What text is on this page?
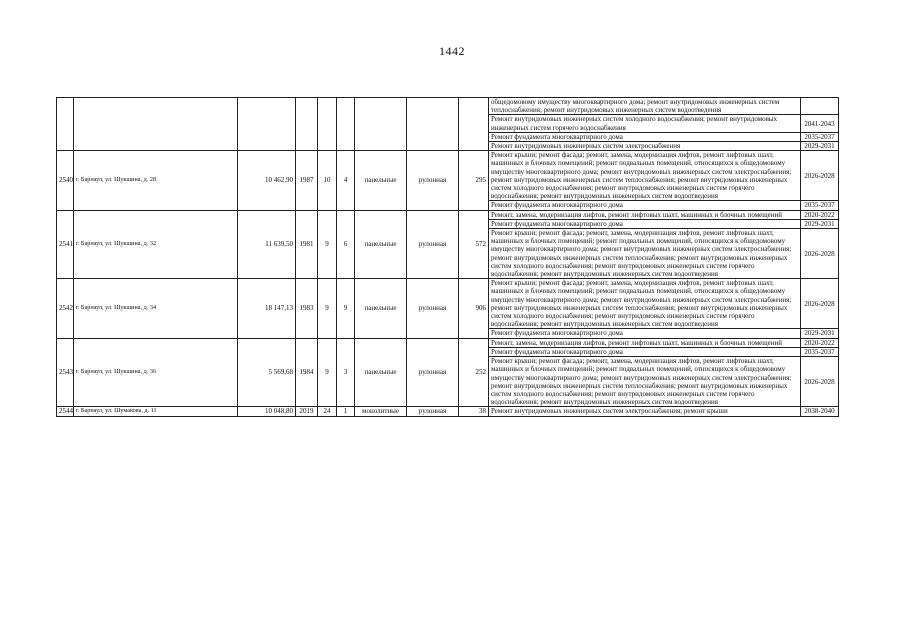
1442
									общедомовому имуществу многоквартирного дома; ремонт внутридомовых инженерных систем теплоснабжения; ремонт внутридомовых инженерных систем водоотведения	
									Ремонт внутридомовых инженерных систем холодного водоснабжения; ремонт внутридомовых инженерных систем горячего водоснабжения	2041-2043
									Ремонт фундамента многоквартирного дома	2035-2037
									Ремонт внутридомовых инженерных систем электроснабжения	2029-2031
2540	г. Барнаул, ул. Шукшина, д. 28	10 462,90	1987	10	4	панельные	рулонная	295	Ремонт крыши; ремонт фасада; ремонт, замена, модернизация лифтов, ремонт лифтовых шахт, машинных и блочных помещений; ремонт подвальных помещений, относящихся к общедомовому имуществу многоквартирного дома; ремонт внутридомовых инженерных систем электроснабжения; ремонт внутридомовых инженерных систем теплоснабжения; ремонт внутридомовых инженерных систем холодного водоснабжения; ремонт внутридомовых инженерных систем горячего водоснабжения; ремонт внутридомовых инженерных систем водоотведения	2026-2028
									Ремонт фундамента многоквартирного дома	2035-2037
2541	г. Барнаул, ул. Шукшина, д. 32	11 639,50	1981	9	6	панельные	рулонная	572	Ремонт, замена, модернизация лифтов, ремонт лифтовых шахт, машинных и блочных помещений	2020-2022
									Ремонт фундамента многоквартирного дома	2029-2031
									Ремонт крыши; ремонт фасада; ремонт, замена, модернизация лифтов, ремонт лифтовых шахт, машинных и блочных помещений; ремонт подвальных помещений, относящихся к общедомовому имуществу многоквартирного дома; ремонт внутридомовых инженерных систем электроснабжения; ремонт внутридомовых инженерных систем теплоснабжения; ремонт внутридомовых инженерных систем холодного водоснабжения; ремонт внутридомовых инженерных систем горячего водоснабжения; ремонт внутридомовых инженерных систем водоотведения	2026-2028
2542	г. Барнаул, ул. Шукшина, д. 34	18 147,13	1983	9	9	панельные	рулонная	906	Ремонт крыши; ремонт фасада; ремонт, замена, модернизация лифтов, ремонт лифтовых шахт, машинных и блочных помещений; ремонт подвальных помещений, относящихся к общедомовому имуществу многоквартирного дома; ремонт внутридомовых инженерных систем электроснабжения; ремонт внутридомовых инженерных систем теплоснабжения; ремонт внутридомовых инженерных систем холодного водоснабжения; ремонт внутридомовых инженерных систем горячего водоснабжения; ремонт внутридомовых инженерных систем водоотведения	2026-2028
									Ремонт фундамента многоквартирного дома	2029-2031
2543	г. Барнаул, ул. Шукшина, д. 36	5 569,68	1984	9	3	панельные	рулонная	252	Ремонт, замена, модернизация лифтов, ремонт лифтовых шахт, машинных и блочных помещений	2020-2022
									Ремонт фундамента многоквартирного дома	2035-2037
									Ремонт крыши; ремонт фасада; ремонт, замена, модернизация лифтов, ремонт лифтовых шахт, машинных и блочных помещений; ремонт подвальных помещений, относящихся к общедомовому имуществу многоквартирного дома; ремонт внутридомовых инженерных систем электроснабжения; ремонт внутридомовых инженерных систем теплоснабжения; ремонт внутридомовых инженерных систем холодного водоснабжения; ремонт внутридомовых инженерных систем горячего водоснабжения; ремонт внутридомовых инженерных систем водоотведения	2026-2028
2544	г. Барнаул, ул. Шумакова, д. 11	10 048,80	2019	24	1	монолитные	рулонная	38	Ремонт внутридомовых инженерных систем электроснабжения; ремонт крыши	2038-2040
